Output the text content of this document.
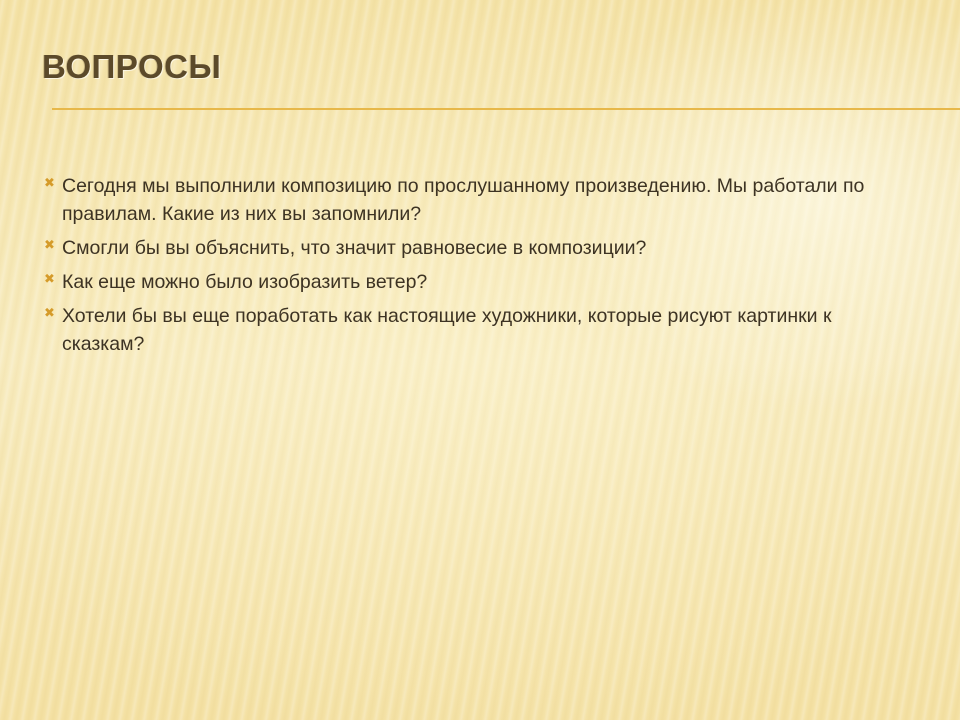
ВОПРОСЫ
✖ Сегодня мы выполнили композицию по прослушанному произведению. Мы работали по правилам. Какие из них вы запомнили?
✖ Смогли бы вы объяснить, что значит равновесие в композиции?
✖ Как еще можно было изобразить ветер?
✖ Хотели бы вы еще поработать как настоящие художники, которые рисуют картинки к сказкам?
